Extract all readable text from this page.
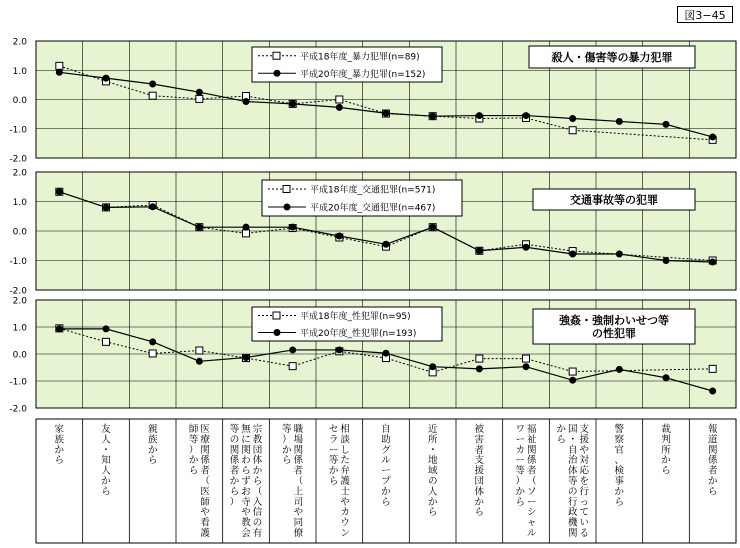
図3−45
2.0
1.0
0.0
-1.0
-2.0
平成18年度_暴力犯罪(n=89)
平成20年度_暴力犯罪(n=152)
殺人・傷害等の暴力犯罪
2.0
1.0
0.0
-1.0
-2.0
平成18年度_交通犯罪(n=571)
平成20年度_交通犯罪(n=467)
交通事故等の犯罪
2.0
1.0
0.0
-1.0
-2.0
平成18年度_性犯罪(n=95)
平成20年度_性犯罪(n=193)
強姦・強制わいせつ等
の性犯罪
家族から
友人・知人から
親族から
医療関係者（医師や看護師等）から
宗教団体から（入信の有無に関わらずお寺や教会等の関係者から）
職場関係者（上司や同僚等）から
相談した弁護士やカウンセラー等から
自助グループから
近所・地域の人から
被害者支援団体から
福祉関係者（ソーシャルワーカー等）から
支援や対応を行っている国・自治体等の行政機関から
警察官、検事から
裁判所から
報道関係者から
